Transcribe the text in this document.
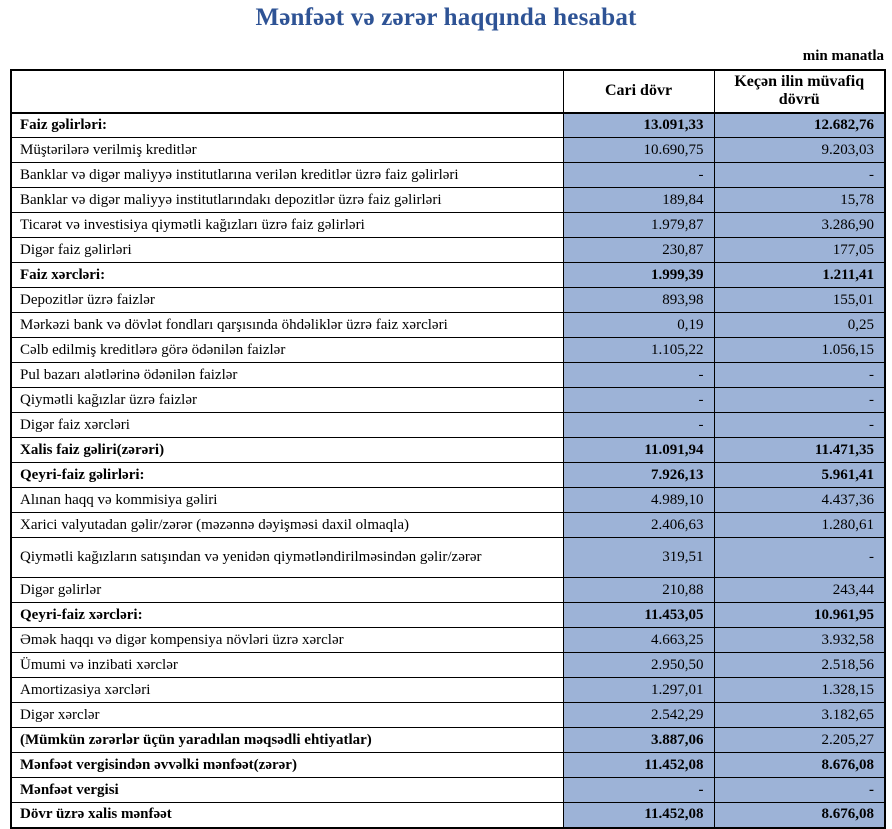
Mənfəət və zərər haqqında hesabat
min manatla
	Cari dövr	Keçən ilin müvafiq dövrü
Faiz gəlirləri:	13.091,33	12.682,76
Müştərilərə verilmiş kreditlər	10.690,75	9.203,03
Banklar və digər maliyyə institutlarına verilən kreditlər üzrə faiz gəlirləri	-	-
Banklar və digər maliyyə institutlarındakı depozitlər üzrə faiz gəlirləri	189,84	15,78
Ticarət və investisiya qiymətli kağızları üzrə faiz gəlirləri	1.979,87	3.286,90
Digər faiz gəlirləri	230,87	177,05
Faiz xərcləri:	1.999,39	1.211,41
Depozitlər üzrə faizlər	893,98	155,01
Mərkəzi bank və dövlət fondları qarşısında öhdəliklər üzrə faiz xərcləri	0,19	0,25
Cəlb edilmiş kreditlərə görə ödənilən faizlər	1.105,22	1.056,15
Pul bazarı alətlərinə ödənilən faizlər	-	-
Qiymətli kağızlar üzrə faizlər	-	-
Digər faiz xərcləri	-	-
Xalis faiz gəliri(zərəri)	11.091,94	11.471,35
Qeyri-faiz gəlirləri:	7.926,13	5.961,41
Alınan haqq və kommisiya gəliri	4.989,10	4.437,36
Xarici valyutadan gəlir/zərər (məzənnə dəyişməsi daxil olmaqla)	2.406,63	1.280,61
Qiymətli kağızların satışından və yenidən qiymətləndirilməsindən gəlir/zərər	319,51	-
Digər gəlirlər	210,88	243,44
Qeyri-faiz xərcləri:	11.453,05	10.961,95
Əmək haqqı və digər kompensiya növləri üzrə xərclər	4.663,25	3.932,58
Ümumi və inzibati xərclər	2.950,50	2.518,56
Amortizasiya xərcləri	1.297,01	1.328,15
Digər xərclər	2.542,29	3.182,65
(Mümkün zərərlər üçün yaradılan məqsədli ehtiyatlar)	3.887,06	2.205,27
Mənfəət vergisindən əvvəlki mənfəət(zərər)	11.452,08	8.676,08
Mənfəət vergisi	-	-
Dövr üzrə xalis mənfəət	11.452,08	8.676,08
